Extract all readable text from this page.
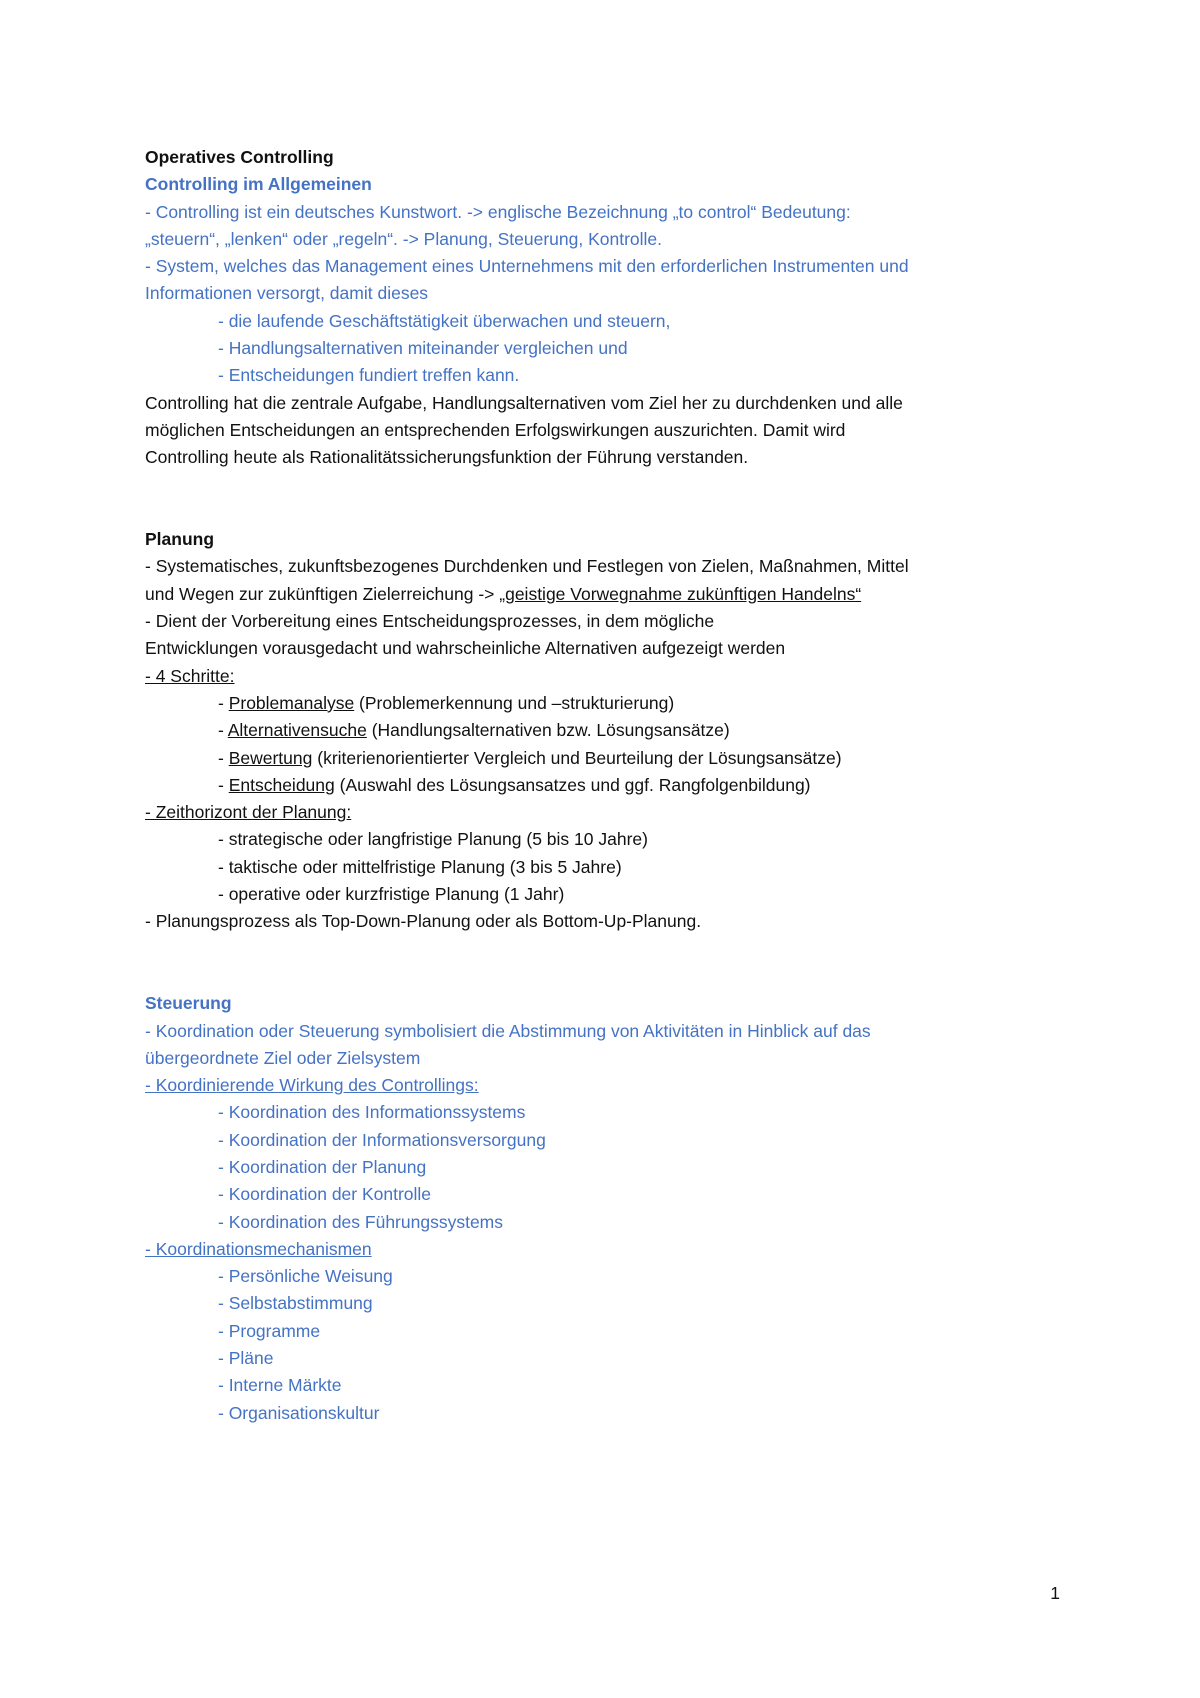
Operatives Controlling
Controlling im Allgemeinen
- Controlling ist ein deutsches Kunstwort. -> englische Bezeichnung „to control“ Bedeutung:
„steuern“, „lenken“ oder „regeln“. -> Planung, Steuerung, Kontrolle.
- System, welches das Management eines Unternehmens mit den erforderlichen Instrumenten und
Informationen versorgt, damit dieses
- die laufende Geschäftstätigkeit überwachen und steuern,
- Handlungsalternativen miteinander vergleichen und
- Entscheidungen fundiert treffen kann.
Controlling hat die zentrale Aufgabe, Handlungsalternativen vom Ziel her zu durchdenken und alle
möglichen Entscheidungen an entsprechenden Erfolgswirkungen auszurichten. Damit wird
Controlling heute als Rationalitätssicherungsfunktion der Führung verstanden.
Planung
- Systematisches, zukunftsbezogenes Durchdenken und Festlegen von Zielen, Maßnahmen, Mittel
und Wegen zur zukünftigen Zielerreichung -> „geistige Vorwegnahme zukünftigen Handelns“
- Dient der Vorbereitung eines Entscheidungsprozesses, in dem mögliche
Entwicklungen vorausgedacht und wahrscheinliche Alternativen aufgezeigt werden
- 4 Schritte:
- Problemanalyse (Problemerkennung und –strukturierung)
- Alternativensuche (Handlungsalternativen bzw. Lösungsansätze)
- Bewertung (kriterienorientierter Vergleich und Beurteilung der Lösungsansätze)
- Entscheidung (Auswahl des Lösungsansatzes und ggf. Rangfolgenbildung)
- Zeithorizont der Planung:
- strategische oder langfristige Planung (5 bis 10 Jahre)
- taktische oder mittelfristige Planung (3 bis 5 Jahre)
- operative oder kurzfristige Planung (1 Jahr)
- Planungsprozess als Top-Down-Planung oder als Bottom-Up-Planung.
Steuerung
- Koordination oder Steuerung symbolisiert die Abstimmung von Aktivitäten in Hinblick auf das
übergeordnete Ziel oder Zielsystem
- Koordinierende Wirkung des Controllings:
- Koordination des Informationssystems
- Koordination der Informationsversorgung
- Koordination der Planung
- Koordination der Kontrolle
- Koordination des Führungssystems
- Koordinationsmechanismen
- Persönliche Weisung
- Selbstabstimmung
- Programme
- Pläne
- Interne Märkte
- Organisationskultur
1
